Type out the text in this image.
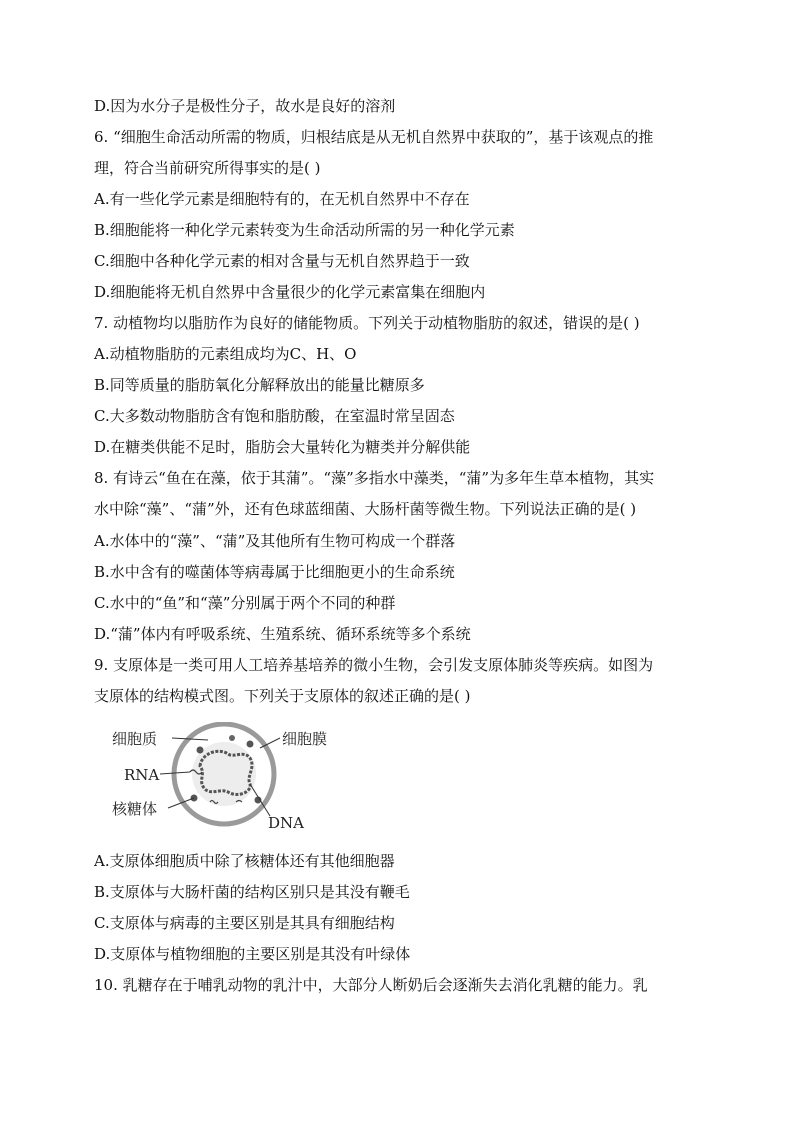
D.因为水分子是极性分子，故水是良好的溶剂
6. “细胞生命活动所需的物质，归根结底是从无机自然界中获取的”，基于该观点的推
理，符合当前研究所得事实的是( )
A.有一些化学元素是细胞特有的，在无机自然界中不存在
B.细胞能将一种化学元素转变为生命活动所需的另一种化学元素
C.细胞中各种化学元素的相对含量与无机自然界趋于一致
D.细胞能将无机自然界中含量很少的化学元素富集在细胞内
7. 动植物均以脂肪作为良好的储能物质。下列关于动植物脂肪的叙述，错误的是( )
A.动植物脂肪的元素组成均为C、H、O
B.同等质量的脂肪氧化分解释放出的能量比糖原多
C.大多数动物脂肪含有饱和脂肪酸，在室温时常呈固态
D.在糖类供能不足时，脂肪会大量转化为糖类并分解供能
8. 有诗云“鱼在在藻，依于其蒲”。“藻”多指水中藻类，“蒲”为多年生草本植物，其实
水中除“藻”、“蒲”外，还有色球蓝细菌、大肠杆菌等微生物。下列说法正确的是( )
A.水体中的“藻”、“蒲”及其他所有生物可构成一个群落
B.水中含有的噬菌体等病毒属于比细胞更小的生命系统
C.水中的“鱼”和“藻”分别属于两个不同的种群
D.“蒲”体内有呼吸系统、生殖系统、循环系统等多个系统
9. 支原体是一类可用人工培养基培养的微小生物，会引发支原体肺炎等疾病。如图为
支原体的结构模式图。下列关于支原体的叙述正确的是( )
细胞质	细胞膜
RNA
核糖体
DNA
A.支原体细胞质中除了核糖体还有其他细胞器
B.支原体与大肠杆菌的结构区别只是其没有鞭毛
C.支原体与病毒的主要区别是其具有细胞结构
D.支原体与植物细胞的主要区别是其没有叶绿体
10. 乳糖存在于哺乳动物的乳汁中，大部分人断奶后会逐渐失去消化乳糖的能力。乳
